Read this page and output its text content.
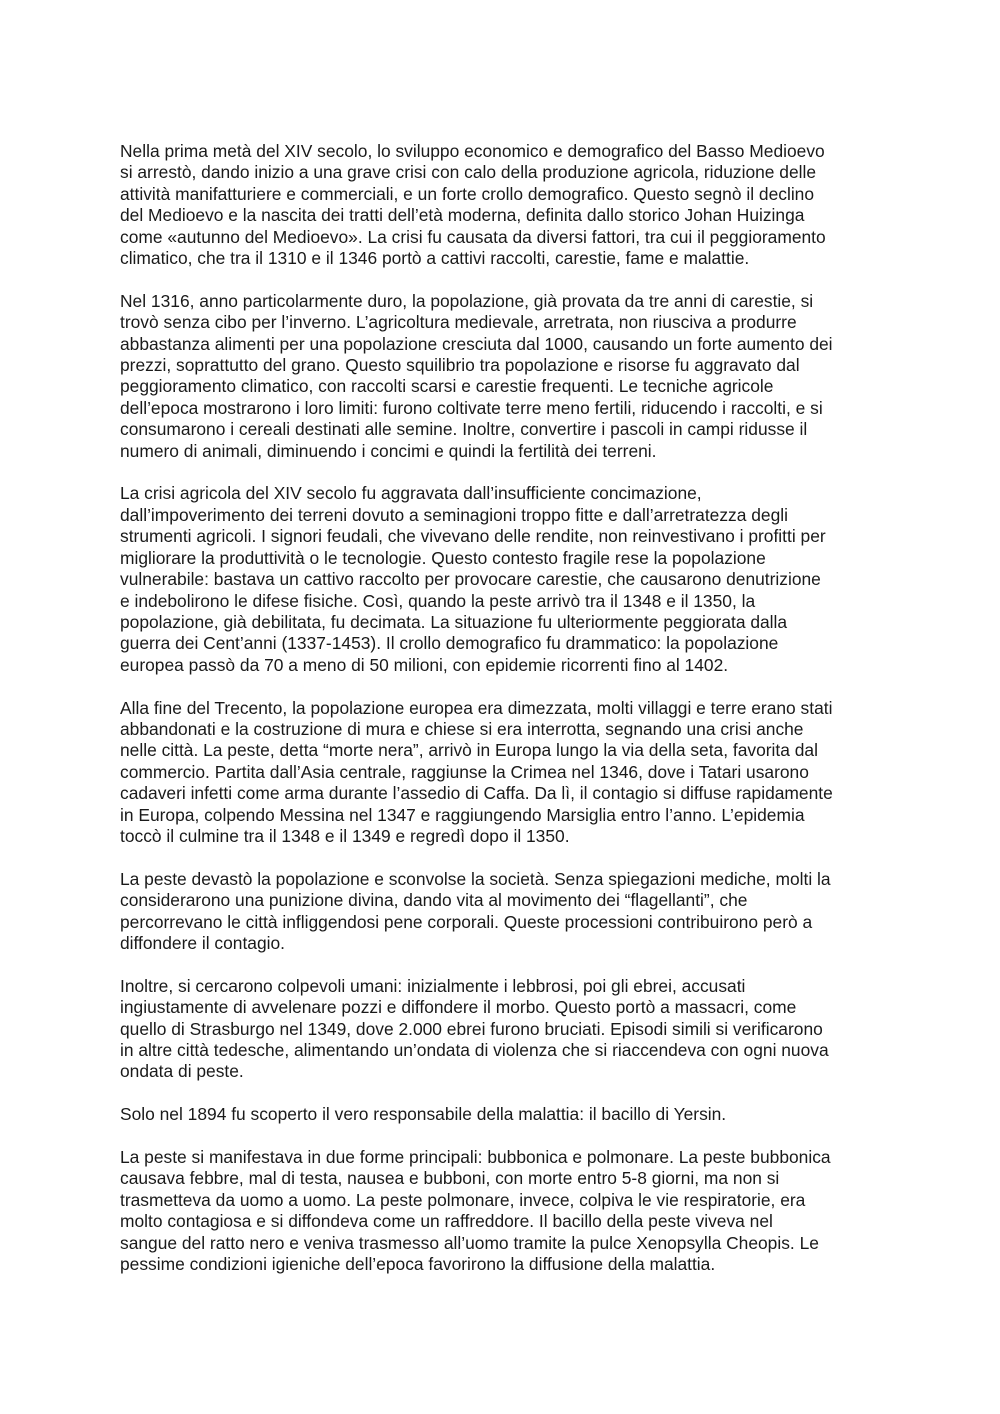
Nella prima metà del XIV secolo, lo sviluppo economico e demografico del Basso Medioevo
si arrestò, dando inizio a una grave crisi con calo della produzione agricola, riduzione delle
attività manifatturiere e commerciali, e un forte crollo demografico. Questo segnò il declino
del Medioevo e la nascita dei tratti dell’età moderna, definita dallo storico Johan Huizinga
come «autunno del Medioevo». La crisi fu causata da diversi fattori, tra cui il peggioramento
climatico, che tra il 1310 e il 1346 portò a cattivi raccolti, carestie, fame e malattie.

Nel 1316, anno particolarmente duro, la popolazione, già provata da tre anni di carestie, si
trovò senza cibo per l’inverno. L’agricoltura medievale, arretrata, non riusciva a produrre
abbastanza alimenti per una popolazione cresciuta dal 1000, causando un forte aumento dei
prezzi, soprattutto del grano. Questo squilibrio tra popolazione e risorse fu aggravato dal
peggioramento climatico, con raccolti scarsi e carestie frequenti. Le tecniche agricole
dell’epoca mostrarono i loro limiti: furono coltivate terre meno fertili, riducendo i raccolti, e si
consumarono i cereali destinati alle semine. Inoltre, convertire i pascoli in campi ridusse il
numero di animali, diminuendo i concimi e quindi la fertilità dei terreni.

La crisi agricola del XIV secolo fu aggravata dall’insufficiente concimazione,
dall’impoverimento dei terreni dovuto a seminagioni troppo fitte e dall’arretratezza degli
strumenti agricoli. I signori feudali, che vivevano delle rendite, non reinvestivano i profitti per
migliorare la produttività o le tecnologie. Questo contesto fragile rese la popolazione
vulnerabile: bastava un cattivo raccolto per provocare carestie, che causarono denutrizione
e indebolirono le difese fisiche. Così, quando la peste arrivò tra il 1348 e il 1350, la
popolazione, già debilitata, fu decimata. La situazione fu ulteriormente peggiorata dalla
guerra dei Cent’anni (1337-1453). Il crollo demografico fu drammatico: la popolazione
europea passò da 70 a meno di 50 milioni, con epidemie ricorrenti fino al 1402.

Alla fine del Trecento, la popolazione europea era dimezzata, molti villaggi e terre erano stati
abbandonati e la costruzione di mura e chiese si era interrotta, segnando una crisi anche
nelle città. La peste, detta “morte nera”, arrivò in Europa lungo la via della seta, favorita dal
commercio. Partita dall’Asia centrale, raggiunse la Crimea nel 1346, dove i Tatari usarono
cadaveri infetti come arma durante l’assedio di Caffa. Da lì, il contagio si diffuse rapidamente
in Europa, colpendo Messina nel 1347 e raggiungendo Marsiglia entro l’anno. L’epidemia
toccò il culmine tra il 1348 e il 1349 e regredì dopo il 1350.

La peste devastò la popolazione e sconvolse la società. Senza spiegazioni mediche, molti la
considerarono una punizione divina, dando vita al movimento dei “flagellanti”, che
percorrevano le città infliggendosi pene corporali. Queste processioni contribuirono però a
diffondere il contagio.

Inoltre, si cercarono colpevoli umani: inizialmente i lebbrosi, poi gli ebrei, accusati
ingiustamente di avvelenare pozzi e diffondere il morbo. Questo portò a massacri, come
quello di Strasburgo nel 1349, dove 2.000 ebrei furono bruciati. Episodi simili si verificarono
in altre città tedesche, alimentando un’ondata di violenza che si riaccendeva con ogni nuova
ondata di peste.

Solo nel 1894 fu scoperto il vero responsabile della malattia: il bacillo di Yersin.

La peste si manifestava in due forme principali: bubbonica e polmonare. La peste bubbonica
causava febbre, mal di testa, nausea e bubboni, con morte entro 5-8 giorni, ma non si
trasmetteva da uomo a uomo. La peste polmonare, invece, colpiva le vie respiratorie, era
molto contagiosa e si diffondeva come un raffreddore. Il bacillo della peste viveva nel
sangue del ratto nero e veniva trasmesso all’uomo tramite la pulce Xenopsylla Cheopis. Le
pessime condizioni igieniche dell’epoca favorirono la diffusione della malattia.
